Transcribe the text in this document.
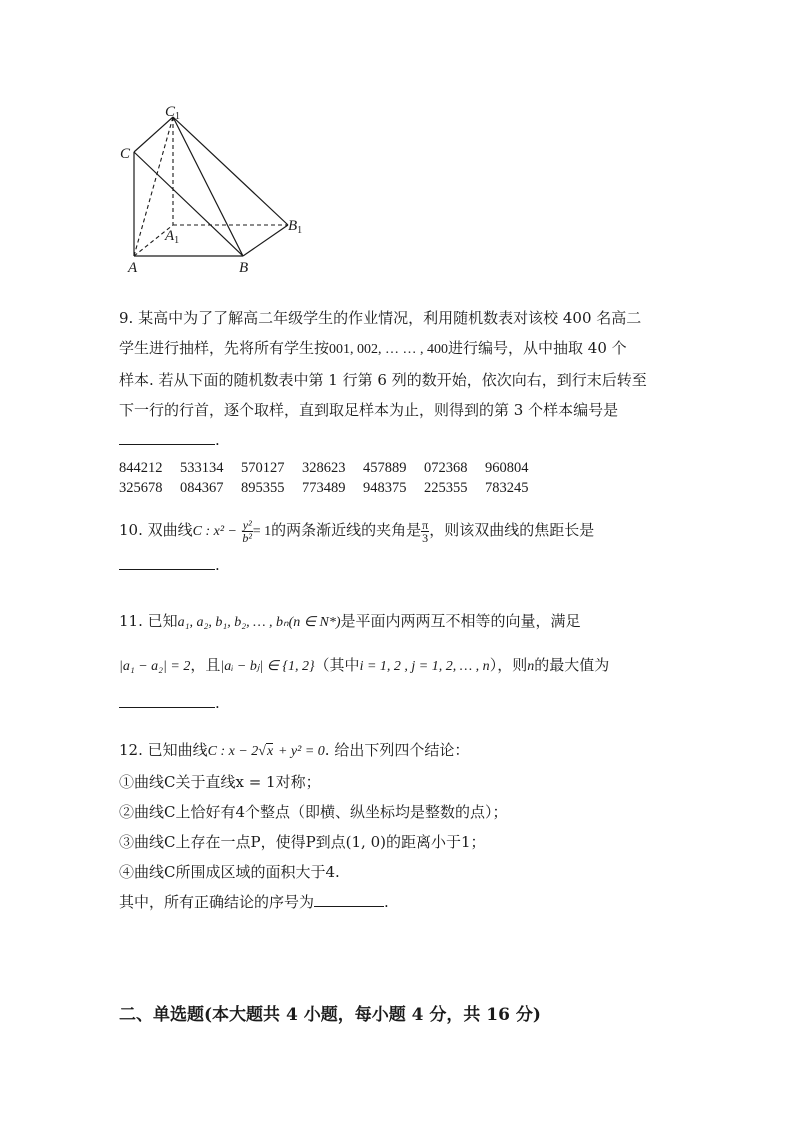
$C_1$
C
$A_1$
$B_1$
A	B

9. 某高中为了了解高二年级学生的作业情况，利用随机数表对该校 400 名高二

学生进行抽样，先将所有学生按001, 002, … … , 400进行编号，从中抽取 40 个

样本. 若从下面的随机数表中第 1 行第 6 列的数开始，依次向右，到行末后转至

下一行的行首，逐个取样，直到取足样本为止，则得到的第 3 个样本编号是

.

844212 533134 570127 328623 457889 072368 960804
325678 084367 895355 773489 948375 225355 783245

10. 双曲线C : $x^2 - \frac{\text{y²}}{\text{b²}} = 1$的两条渐近线的夹角是 $\frac{\pi}{3}$ ，则该双曲线的焦距长是

.

11. 已知a₁, a₂, b₁, b₂, … , bₙ(n ∈ N*)是平面内两两互不相等的向量，满足

|a₁ − a₂| = 2，且|aᵢ − bⱼ| ∈ {1, 2}（其中i = 1, 2 , j = 1, 2, … , n），则n的最大值为

.

12. 已知曲线C : x − 2√x + y² = 0. 给出下列四个结论：

①曲线C关于直线x = 1对称；

②曲线C上恰好有4个整点（即横、纵坐标均是整数的点）；

③曲线C上存在一点P，使得P到点(1, 0)的距离小于1；

④曲线C所围成区域的面积大于4.

其中，所有正确结论的序号为	.

二、单选题(本大题共 4 小题，每小题 4 分，共 16 分)
